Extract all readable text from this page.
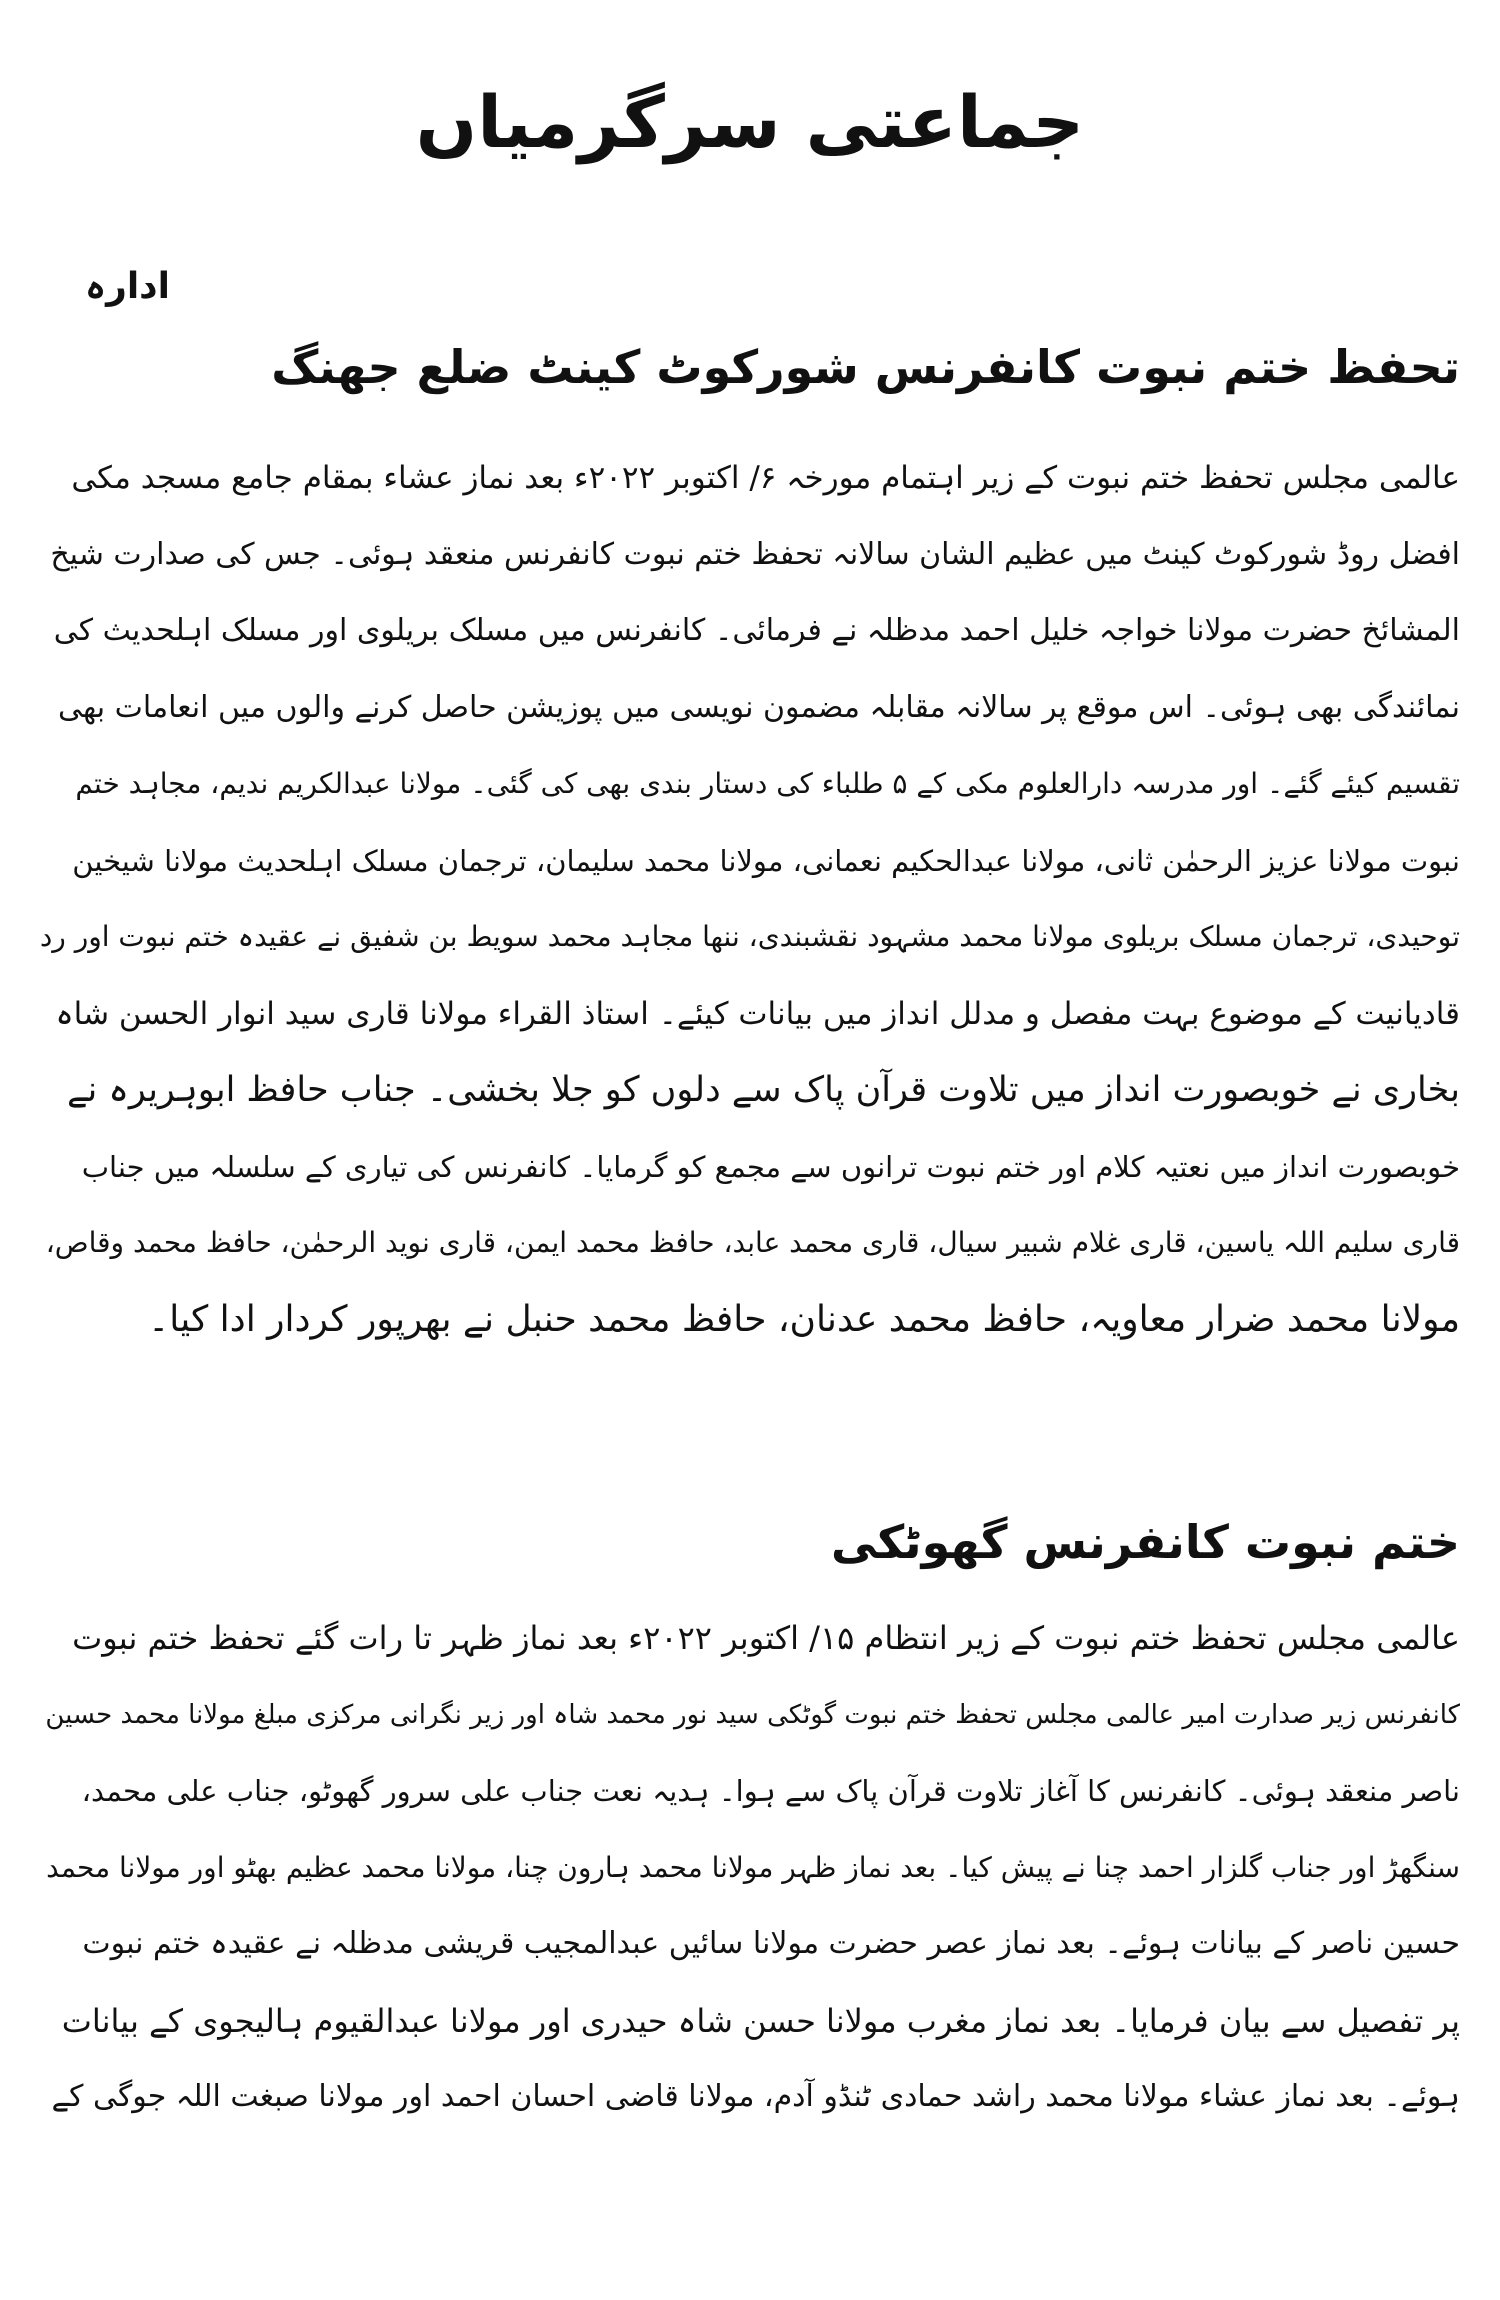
جماعتی سرگرمیاں
ادارہ
تحفظ ختم نبوت کانفرنس شورکوٹ کینٹ ضلع جھنگ
عالمی مجلس تحفظ ختم نبوت کے زیر اہتمام مورخہ ۶/ اکتوبر ۲۰۲۲ء بعد نماز عشاء بمقام جامع مسجد مکی
افضل روڈ شورکوٹ کینٹ میں عظیم الشان سالانہ تحفظ ختم نبوت کانفرنس منعقد ہوئی۔ جس کی صدارت شیخ
المشائخ حضرت مولانا خواجہ خلیل احمد مدظلہ نے فرمائی۔ کانفرنس میں مسلک بریلوی اور مسلک اہلحدیث کی
نمائندگی بھی ہوئی۔ اس موقع پر سالانہ مقابلہ مضمون نویسی میں پوزیشن حاصل کرنے والوں میں انعامات بھی
تقسیم کیئے گئے۔ اور مدرسہ دارالعلوم مکی کے ۵ طلباء کی دستار بندی بھی کی گئی۔ مولانا عبدالکریم ندیم، مجاہد ختم
نبوت مولانا عزیز الرحمٰن ثانی، مولانا عبدالحکیم نعمانی، مولانا محمد سلیمان، ترجمان مسلک اہلحدیث مولانا شیخین
توحیدی، ترجمان مسلک بریلوی مولانا محمد مشہود نقشبندی، ننھا مجاہد محمد سویط بن شفیق نے عقیدہ ختم نبوت اور رد
قادیانیت کے موضوع بہت مفصل و مدلل انداز میں بیانات کیئے۔ استاذ القراء مولانا قاری سید انوار الحسن شاہ
بخاری نے خوبصورت انداز میں تلاوت قرآن پاک سے دلوں کو جلا بخشی۔ جناب حافظ ابوہریرہ نے
خوبصورت انداز میں نعتیہ کلام اور ختم نبوت ترانوں سے مجمع کو گرمایا۔ کانفرنس کی تیاری کے سلسلہ میں جناب
قاری سلیم اللہ یاسین، قاری غلام شبیر سیال، قاری محمد عابد، حافظ محمد ایمن، قاری نوید الرحمٰن، حافظ محمد وقاص،
مولانا محمد ضرار معاویہ، حافظ محمد عدنان، حافظ محمد حنبل نے بھرپور کردار ادا کیا۔
ختم نبوت کانفرنس گھوٹکی
عالمی مجلس تحفظ ختم نبوت کے زیر انتظام ۱۵/ اکتوبر ۲۰۲۲ء بعد نماز ظہر تا رات گئے تحفظ ختم نبوت
کانفرنس زیر صدارت امیر عالمی مجلس تحفظ ختم نبوت گوٹکی سید نور محمد شاہ اور زیر نگرانی مرکزی مبلغ مولانا محمد حسین
ناصر منعقد ہوئی۔ کانفرنس کا آغاز تلاوت قرآن پاک سے ہوا۔ ہدیہ نعت جناب علی سرور گھوٹو، جناب علی محمد،
سنگھڑ اور جناب گلزار احمد چنا نے پیش کیا۔ بعد نماز ظہر مولانا محمد ہارون چنا، مولانا محمد عظیم بھٹو اور مولانا محمد
حسین ناصر کے بیانات ہوئے۔ بعد نماز عصر حضرت مولانا سائیں عبدالمجیب قریشی مدظلہ نے عقیدہ ختم نبوت
پر تفصیل سے بیان فرمایا۔ بعد نماز مغرب مولانا حسن شاہ حیدری اور مولانا عبدالقیوم ہالیجوی کے بیانات
ہوئے۔ بعد نماز عشاء مولانا محمد راشد حمادی ٹنڈو آدم، مولانا قاضی احسان احمد اور مولانا صبغت اللہ جوگی کے
